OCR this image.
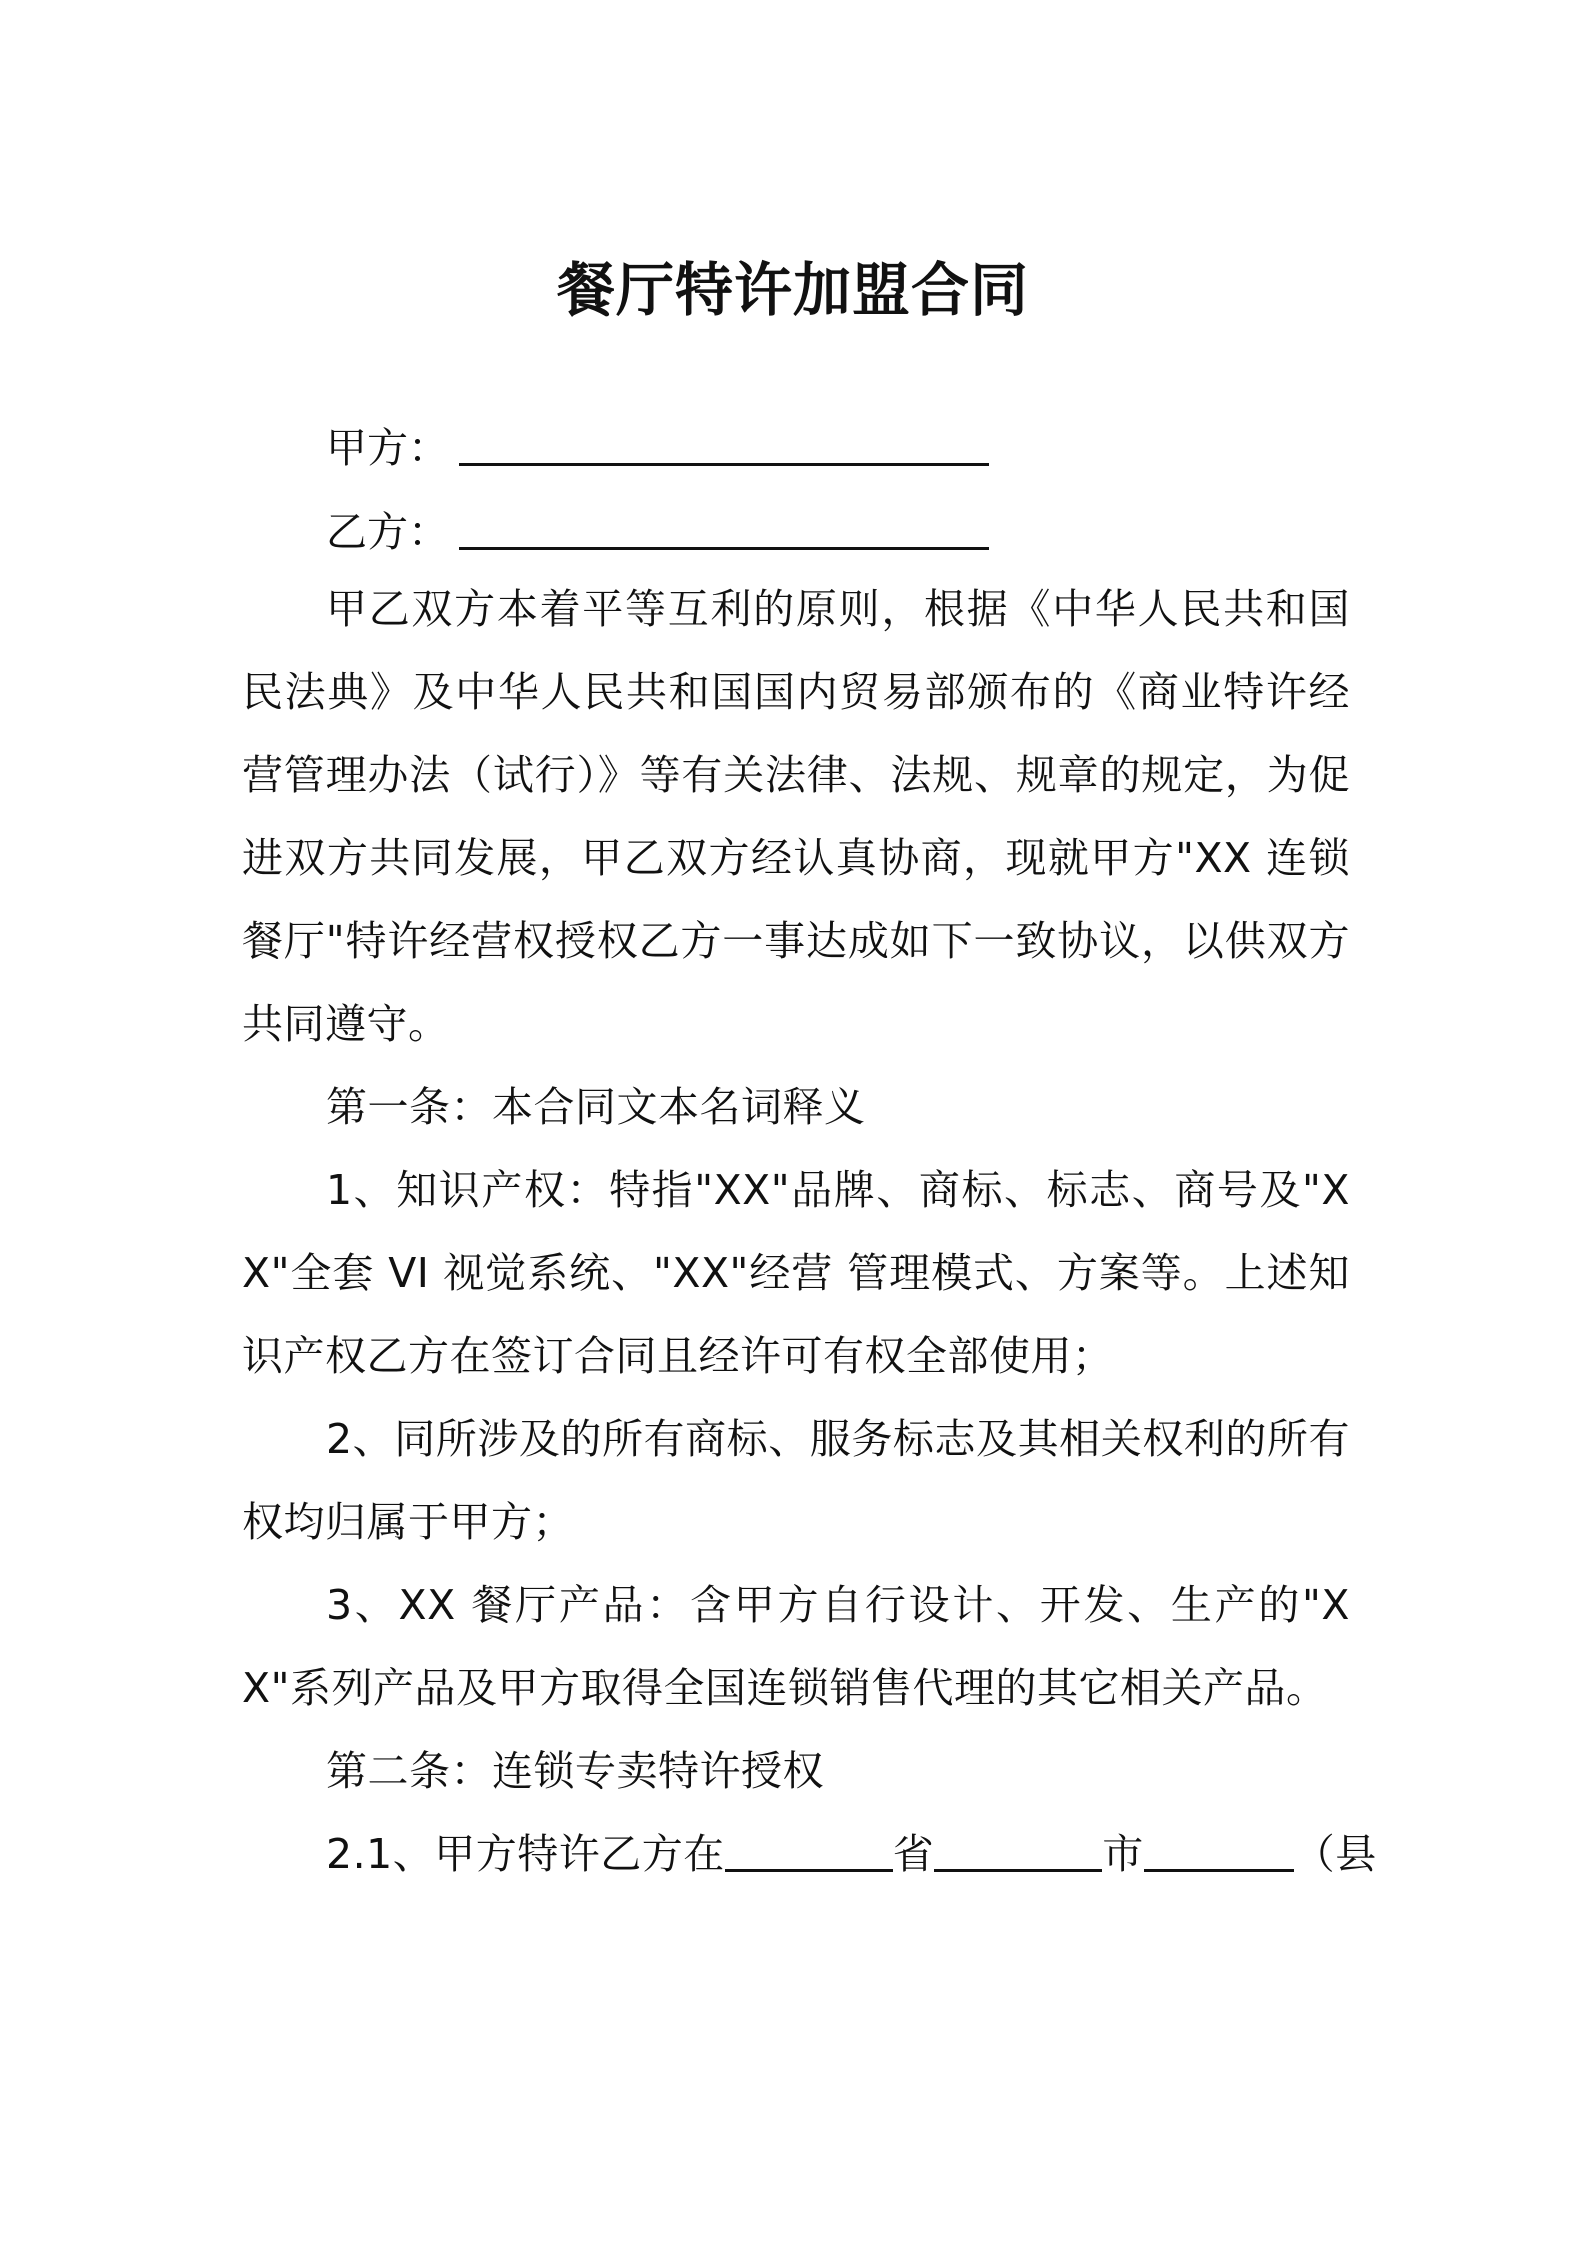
餐厅特许加盟合同
甲方：
乙方：

甲乙双方本着平等互利的原则，根据《中华人民共和国民法典》及中华人民共和国国内贸易部颁布的《商业特许经营管理办法（试行）》等有关法律、法规、规章的规定，为促进双方共同发展，甲乙双方经认真协商，现就甲方"XX 连锁餐厅"特许经营权授权乙方一事达成如下一致协议，以供双方共同遵守。

第一条：本合同文本名词释义

1、知识产权：特指"XX"品牌、商标、标志、商号及"XX"全套 VI 视觉系统、"XX"经营 管理模式、方案等。上述知识产权乙方在签订合同且经许可有权全部使用；

2、同所涉及的所有商标、服务标志及其相关权利的所有权均归属于甲方；

3、XX 餐厅产品：含甲方自行设计、开发、生产的"XX"系列产品及甲方取得全国连锁销售代理的其它相关产品。

第二条：连锁专卖特许授权

2.1、甲方特许乙方在	省	市	（县
